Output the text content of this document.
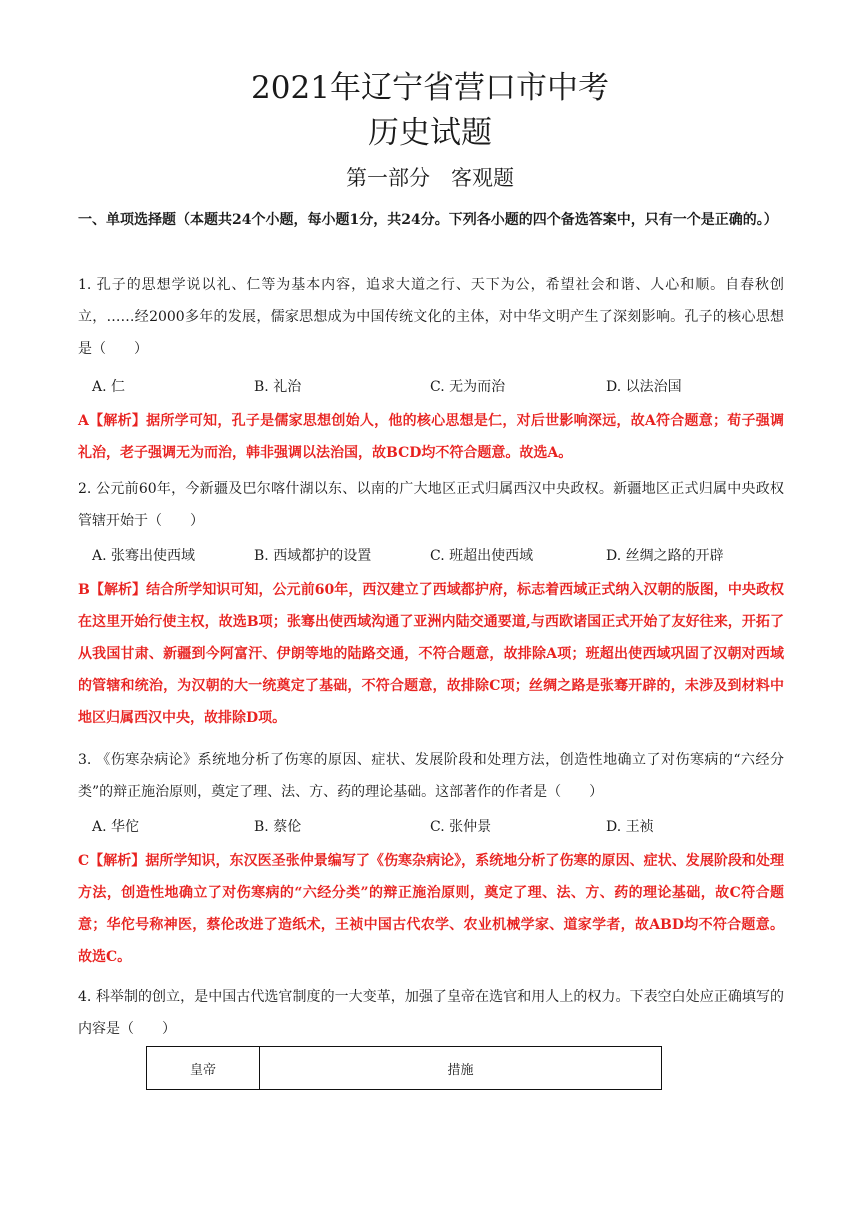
2021年辽宁省营口市中考
历史试题
第一部分　客观题
一、单项选择题（本题共24个小题，每小题1分，共24分。下列各小题的四个备选答案中，只有一个是正确的。）
1. 孔子的思想学说以礼、仁等为基本内容，追求大道之行、天下为公，希望社会和谐、人心和顺。自春秋创立，……经2000多年的发展，儒家思想成为中国传统文化的主体，对中华文明产生了深刻影响。孔子的核心思想是（　　）
A. 仁	B. 礼治	C. 无为而治	D. 以法治国
A【解析】据所学可知，孔子是儒家思想创始人，他的核心思想是仁，对后世影响深远，故A符合题意；荀子强调礼治，老子强调无为而治，韩非强调以法治国，故BCD均不符合题意。故选A。
2. 公元前60年，今新疆及巴尔喀什湖以东、以南的广大地区正式归属西汉中央政权。新疆地区正式归属中央政权管辖开始于（　　）
A. 张骞出使西域	B. 西域都护的设置	C. 班超出使西域	D. 丝绸之路的开辟
B【解析】结合所学知识可知，公元前60年，西汉建立了西域都护府，标志着西域正式纳入汉朝的版图，中央政权在这里开始行使主权，故选B项；张骞出使西域沟通了亚洲内陆交通要道,与西欧诸国正式开始了友好往来，开拓了从我国甘肃、新疆到今阿富汗、伊朗等地的陆路交通，不符合题意，故排除A项；班超出使西域巩固了汉朝对西域的管辖和统治，为汉朝的大一统奠定了基础，不符合题意，故排除C项；丝绸之路是张骞开辟的，未涉及到材料中地区归属西汉中央，故排除D项。
3. 《伤寒杂病论》系统地分析了伤寒的原因、症状、发展阶段和处理方法，创造性地确立了对伤寒病的“六经分类”的辩正施治原则，奠定了理、法、方、药的理论基础。这部著作的作者是（　　）
A. 华佗	B. 蔡伦	C. 张仲景	D. 王祯
C【解析】据所学知识，东汉医圣张仲景编写了《伤寒杂病论》，系统地分析了伤寒的原因、症状、发展阶段和处理方法，创造性地确立了对伤寒病的“六经分类”的辩正施治原则，奠定了理、法、方、药的理论基础，故C符合题意；华佗号称神医，蔡伦改进了造纸术，王祯中国古代农学、农业机械学家、道家学者，故ABD均不符合题意。故选C。
4. 科举制的创立，是中国古代选官制度的一大变革，加强了皇帝在选官和用人上的权力。下表空白处应正确填写的内容是（　　）
皇帝	措施
